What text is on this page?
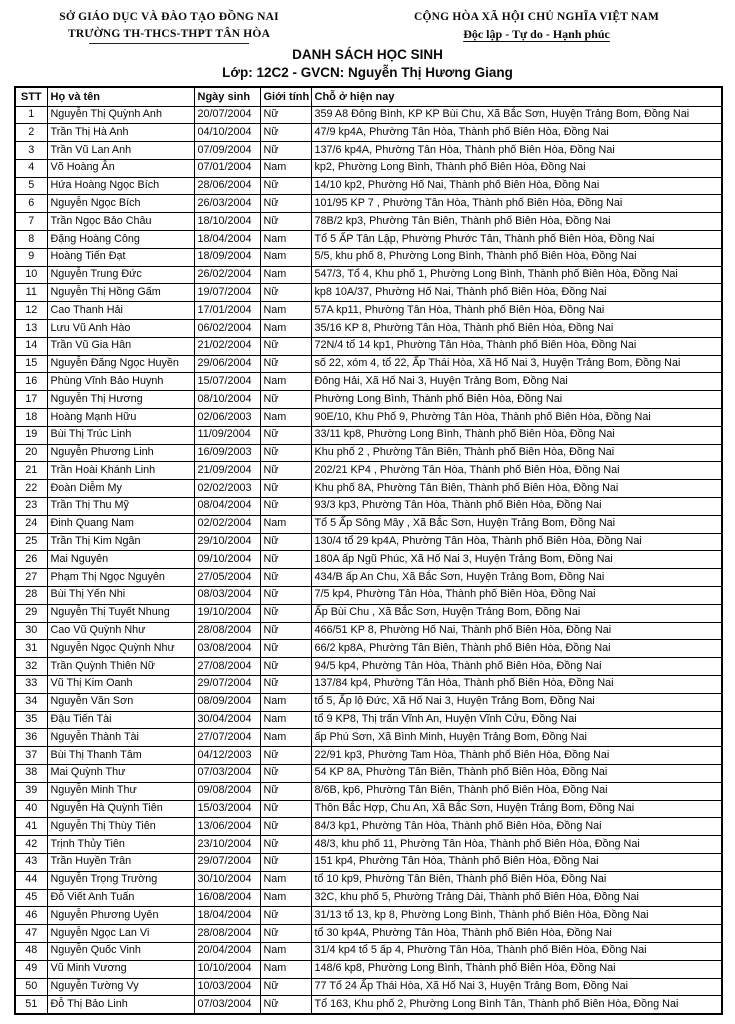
SỞ GIÁO DỤC VÀ ĐÀO TẠO ĐỒNG NAI
TRƯỜNG TH-THCS-THPT TÂN HÒA
CỘNG HÒA XÃ HỘI CHỦ NGHĨA VIỆT NAM
Độc lập - Tự do - Hạnh phúc
DANH SÁCH HỌC SINH
Lớp: 12C2 - GVCN: Nguyễn Thị Hương Giang
STT	Họ và tên	Ngày sinh	Giới tính	Chỗ ở hiện nay
1	Nguyễn Thị Quỳnh Anh	20/07/2004	Nữ	359 A8 Đông Bình, KP KP Bùi Chu, Xã Bắc Sơn, Huyện Trảng Bom, Đồng Nai
2	Trần Thị Hà Anh	04/10/2004	Nữ	47/9 kp4A, Phường Tân Hòa, Thành phố Biên Hòa, Đồng Nai
3	Trần Vũ Lan Anh	07/09/2004	Nữ	137/6 kp4A, Phường Tân Hòa, Thành phố Biên Hòa, Đồng Nai
4	Võ Hoàng Ân	07/01/2004	Nam	kp2, Phường Long Bình, Thành phố Biên Hòa, Đồng Nai
5	Hứa Hoàng Ngọc Bích	28/06/2004	Nữ	14/10 kp2, Phường Hố Nai, Thành phố Biên Hòa, Đồng Nai
6	Nguyễn Ngọc Bích	26/03/2004	Nữ	101/95 KP 7 , Phường Tân Hòa, Thành phố Biên Hòa, Đồng Nai
7	Trần Ngọc Bảo Châu	18/10/2004	Nữ	78B/2 kp3, Phường Tân Biên, Thành phố Biên Hòa, Đồng Nai
8	Đặng Hoàng Công	18/04/2004	Nam	Tổ 5 ẤP Tân Lập, Phường Phước Tân, Thành phố Biên Hòa, Đồng Nai
9	Hoàng Tiến Đạt	18/09/2004	Nam	5/5, khu phố 8, Phường Long Bình, Thành phố Biên Hòa, Đồng Nai
10	Nguyễn Trung Đức	26/02/2004	Nam	547/3, Tổ 4, Khu phố 1, Phường Long Bình, Thành phố Biên Hòa, Đồng Nai
11	Nguyễn Thị Hồng Gấm	19/07/2004	Nữ	kp8 10A/37, Phường Hố Nai, Thành phố Biên Hòa, Đồng Nai
12	Cao Thanh Hải	17/01/2004	Nam	57A kp11, Phường Tân Hòa, Thành phố Biên Hòa, Đồng Nai
13	Lưu Vũ Anh Hào	06/02/2004	Nam	35/16 KP 8, Phường Tân Hòa, Thành phố Biên Hòa, Đồng Nai
14	Trần Vũ Gia Hân	21/02/2004	Nữ	72N/4 tổ 14 kp1, Phường Tân Hòa, Thành phố Biên Hòa, Đồng Nai
15	Nguyễn Đăng Ngọc Huyền	29/06/2004	Nữ	số 22, xóm 4, tổ 22, Ấp Thái Hòa, Xã Hố Nai 3, Huyện Trảng Bom, Đồng Nai
16	Phùng Vĩnh Bảo Huynh	15/07/2004	Nam	Đông Hải, Xã Hố Nai 3, Huyện Trảng Bom, Đồng Nai
17	Nguyễn Thị Hương	08/10/2004	Nữ	Phường Long Bình, Thành phố Biên Hòa, Đồng Nai
18	Hoàng Mạnh Hữu	02/06/2003	Nam	90E/10, Khu Phố 9, Phường Tân Hòa, Thành phố Biên Hòa, Đồng Nai
19	Bùi Thị Trúc Linh	11/09/2004	Nữ	33/11 kp8, Phường Long Bình, Thành phố Biên Hòa, Đồng Nai
20	Nguyễn Phương Linh	16/09/2003	Nữ	Khu phố 2 , Phường Tân Biên, Thành phố Biên Hòa, Đồng Nai
21	Trần Hoài Khánh Linh	21/09/2004	Nữ	202/21 KP4 , Phường Tân Hòa, Thành phố Biên Hòa, Đồng Nai
22	Đoàn Diễm My	02/02/2003	Nữ	Khu phố 8A, Phường Tân Biên, Thành phố Biên Hòa, Đồng Nai
23	Trần Thị Thu Mỹ	08/04/2004	Nữ	93/3 kp3, Phường Tân Hòa, Thành phố Biên Hòa, Đồng Nai
24	Đinh Quang Nam	02/02/2004	Nam	Tổ 5 Ấp Sông Mây , Xã Bắc Sơn, Huyện Trảng Bom, Đồng Nai
25	Trần Thị Kim Ngân	29/10/2004	Nữ	130/4 tổ 29 kp4A, Phường Tân Hòa, Thành phố Biên Hòa, Đồng Nai
26	Mai Nguyên	09/10/2004	Nữ	180A ấp Ngũ Phúc, Xã Hố Nai 3, Huyện Trảng Bom, Đồng Nai
27	Phạm Thị Ngọc Nguyên	27/05/2004	Nữ	434/B ấp An Chu, Xã Bắc Sơn, Huyện Trảng Bom, Đồng Nai
28	Bùi Thị Yến Nhi	08/03/2004	Nữ	7/5 kp4, Phường Tân Hòa, Thành phố Biên Hòa, Đồng Nai
29	Nguyễn Thị Tuyết Nhung	19/10/2004	Nữ	Ấp Bùi Chu , Xã Bắc Sơn, Huyện Trảng Bom, Đồng Nai
30	Cao Vũ Quỳnh Như	28/08/2004	Nữ	466/51 KP 8, Phường Hố Nai, Thành phố Biên Hòa, Đồng Nai
31	Nguyễn Ngọc Quỳnh Như	03/08/2004	Nữ	66/2 kp8A, Phường Tân Biên, Thành phố Biên Hòa, Đồng Nai
32	Trần Quỳnh Thiên Nữ	27/08/2004	Nữ	94/5 kp4, Phường Tân Hòa, Thành phố Biên Hòa, Đồng Nai
33	Vũ Thị Kim Oanh	29/07/2004	Nữ	137/84 kp4, Phường Tân Hòa, Thành phố Biên Hòa, Đồng Nai
34	Nguyễn Văn Sơn	08/09/2004	Nam	tổ 5, Ấp lộ Đức, Xã Hố Nai 3, Huyện Trảng Bom, Đồng Nai
35	Đậu Tiến Tài	30/04/2004	Nam	tổ 9 KP8, Thị trấn Vĩnh An, Huyện Vĩnh Cửu, Đồng Nai
36	Nguyễn Thành Tài	27/07/2004	Nam	ấp Phú Sơn, Xã Bình Minh, Huyện Trảng Bom, Đồng Nai
37	Bùi Thị Thanh Tâm	04/12/2003	Nữ	22/91 kp3, Phường Tam Hòa, Thành phố Biên Hòa, Đồng Nai
38	Mai Quỳnh Thư	07/03/2004	Nữ	54 KP 8A, Phường Tân Biên, Thành phố Biên Hòa, Đồng Nai
39	Nguyễn Minh Thư	09/08/2004	Nữ	8/6B, kp6, Phường Tân Biên, Thành phố Biên Hòa, Đồng Nai
40	Nguyễn Hà Quỳnh Tiên	15/03/2004	Nữ	Thôn Bắc Hợp, Chu An, Xã Bắc Sơn, Huyện Trảng Bom, Đồng Nai
41	Nguyễn Thị Thùy Tiên	13/06/2004	Nữ	84/3 kp1, Phường Tân Hòa, Thành phố Biên Hòa, Đồng Nai
42	Trịnh Thủy Tiên	23/10/2004	Nữ	48/3, khu phố 11, Phường Tân Hòa, Thành phố Biên Hòa, Đồng Nai
43	Trần Huyền Trân	29/07/2004	Nữ	151 kp4, Phường Tân Hòa, Thành phố Biên Hòa, Đồng Nai
44	Nguyễn Trọng Trường	30/10/2004	Nam	tổ 10 kp9, Phường Tân Biên, Thành phố Biên Hòa, Đồng Nai
45	Đỗ Viết Anh Tuấn	16/08/2004	Nam	32C, khu phố 5, Phường Trảng Dài, Thành phố Biên Hòa, Đồng Nai
46	Nguyễn Phương Uyên	18/04/2004	Nữ	31/13 tổ 13, kp 8, Phường Long Bình, Thành phố Biên Hòa, Đồng Nai
47	Nguyễn Ngọc Lan Vi	28/08/2004	Nữ	tổ 30 kp4A, Phường Tân Hòa, Thành phố Biên Hòa, Đồng Nai
48	Nguyễn Quốc Vinh	20/04/2004	Nam	31/4 kp4 tổ 5 ấp 4, Phường Tân Hòa, Thành phố Biên Hòa, Đồng Nai
49	Vũ Minh Vương	10/10/2004	Nam	148/6 kp8, Phường Long Bình, Thành phố Biên Hòa, Đồng Nai
50	Nguyễn Tường Vy	10/03/2004	Nữ	77 Tổ 24 Ấp Thái Hòa, Xã Hố Nai 3, Huyện Trảng Bom, Đồng Nai
51	Đỗ Thị Bảo Linh	07/03/2004	Nữ	Tổ 163, Khu phố 2, Phường Long Bình Tân, Thành phố Biên Hòa, Đồng Nai
